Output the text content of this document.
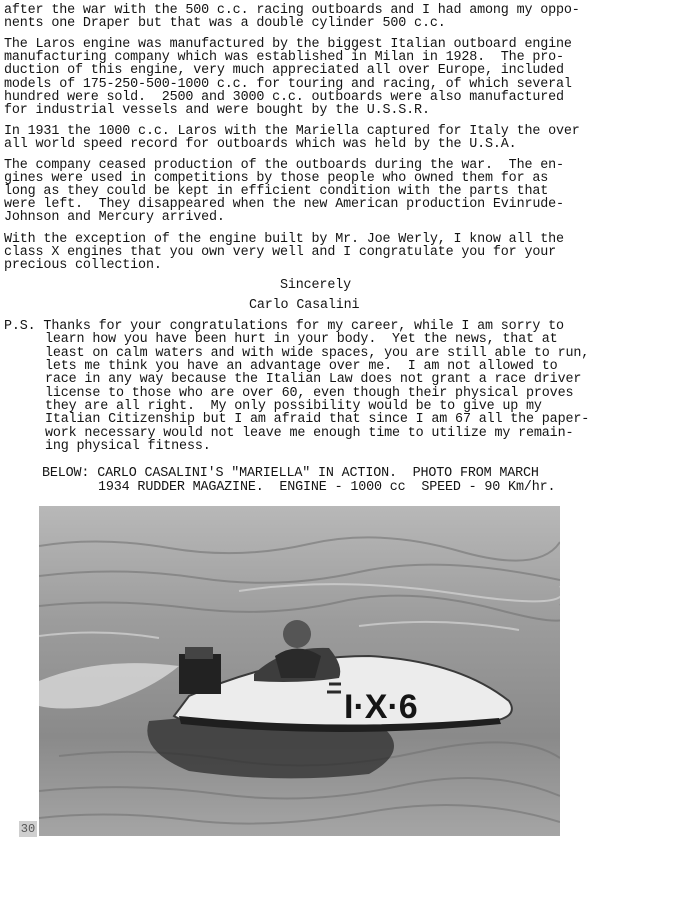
after the war with the 500 c.c. racing outboards and I had among my oppo-
nents one Draper but that was a double cylinder 500 c.c.
The Laros engine was manufactured by the biggest Italian outboard engine
manufacturing company which was established in Milan in 1928.  The pro-
duction of this engine, very much appreciated all over Europe, included
models of 175-250-500-1000 c.c. for touring and racing, of which several
hundred were sold.  2500 and 3000 c.c. outboards were also manufactured
for industrial vessels and were bought by the U.S.S.R.
In 1931 the 1000 c.c. Laros with the Mariella captured for Italy the over
all world speed record for outboards which was held by the U.S.A.
The company ceased production of the outboards during the war.  The en-
gines were used in competitions by those people who owned them for as
long as they could be kept in efficient condition with the parts that
were left.  They disappeared when the new American production Evinrude-
Johnson and Mercury arrived.
With the exception of the engine built by Mr. Joe Werly, I know all the
class X engines that you own very well and I congratulate you for your
precious collection.
Sincerely
Carlo Casalini
P.S. Thanks for your congratulations for my career, while I am sorry to
learn how you have been hurt in your body.  Yet the news, that at
least on calm waters and with wide spaces, you are still able to run,
lets me think you have an advantage over me.  I am not allowed to
race in any way because the Italian Law does not grant a race driver
license to those who are over 60, even though their physical proves
they are all right.  My only possibility would be to give up my
Italian Citizenship but I am afraid that since I am 67 all the paper-
work necessary would not leave me enough time to utilize my remain-
ing physical fitness.
BELOW: CARLO CASALINI'S "MARIELLA" IN ACTION.  PHOTO FROM MARCH
1934 RUDDER MAGAZINE.  ENGINE - 1000 cc  SPEED - 90 Km/hr.
I·X·6
30
